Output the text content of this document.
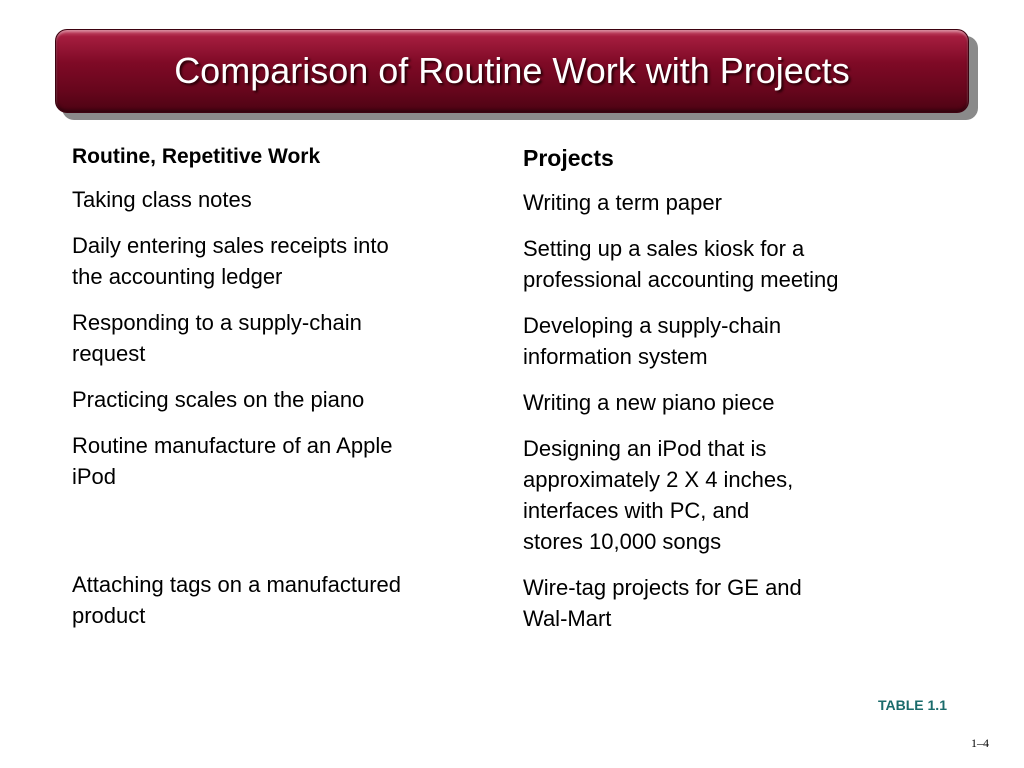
Comparison of Routine Work with Projects

Routine, Repetitive Work

Taking class notes

Daily entering sales receipts into
the accounting ledger

Responding to a supply-chain
request

Practicing scales on the piano

Routine manufacture of an Apple
iPod

Attaching tags on a manufactured
product

Projects

Writing a term paper

Setting up a sales kiosk for a
professional accounting meeting

Developing a supply-chain
information system

Writing a new piano piece

Designing an iPod that is
approximately 2 X 4 inches,
interfaces with PC, and
stores 10,000 songs

Wire-tag projects for GE and
Wal-Mart

TABLE 1.1
1–4
